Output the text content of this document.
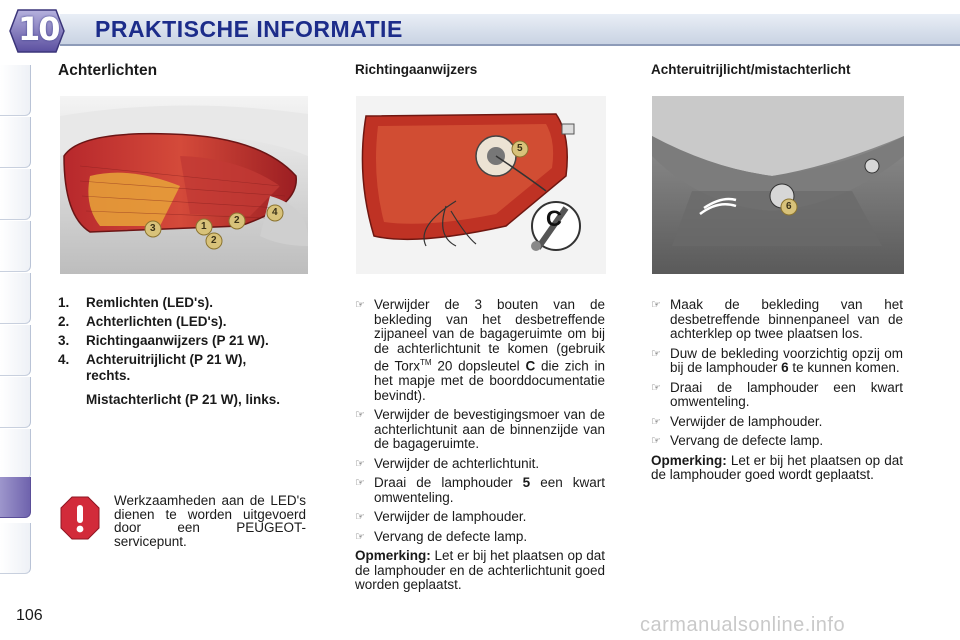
10 PRAKTISCHE INFORMATIE
Achterlichten
3	1
2
4
2

1. Remlichten (LED's).

2. Achterlichten (LED's).

3. Richtingaanwijzers (P 21 W).

4.	Achteruitrijlicht (P 21 W), rechts.

Mistachterlicht (P 21 W), links.

Werkzaamheden aan de LED's dienen te worden uitgevoerd door een PEUGEOT-servicepunt.
Richtingaanwijzers
5
C
☞ Verwijder de 3 bouten van de bekleding van het desbetreffende zijpaneel van de bagageruimte om bij de achterlichtunit te komen (gebruik de Torx™ 20 dopsleutel C die zich in het mapje met de boorddocumentatie bevindt).
☞ Verwijder de bevestigingsmoer van de achterlichtunit aan de binnenzijde van de bagageruimte.
☞ Verwijder de achterlichtunit.
☞ Draai de lamphouder 5 een kwart omwenteling.
☞ Verwijder de lamphouder.
☞ Vervang de defecte lamp.
Opmerking: Let er bij het plaatsen op dat de lamphouder en de achterlichtunit goed worden geplaatst.
Achteruitrijlicht/mistachterlicht
6
☞ Maak de bekleding van het desbetreffende binnenpaneel van de achterklep op twee plaatsen los.
☞ Duw de bekleding voorzichtig opzij om bij de lamphouder 6 te kunnen komen.
☞ Draai de lamphouder een kwart omwenteling.
☞ Verwijder de lamphouder.
☞ Vervang de defecte lamp.
Opmerking: Let er bij het plaatsen op dat de lamphouder goed wordt geplaatst.
106	carmanualsonline.info
